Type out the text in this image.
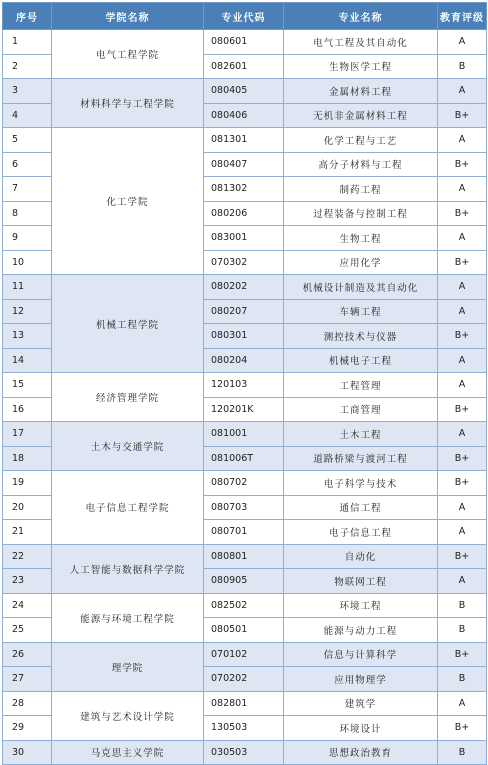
序号	学院名称	专业代码	专业名称	教育评级
1	电气工程学院	080601	电气工程及其自动化	A
2		082601	生物医学工程	B
3	材料科学与工程学院	080405	金属材料工程	A
4		080406	无机非金属材料工程	B+
5	化工学院	081301	化学工程与工艺	A
6		080407	高分子材料与工程	B+
7		081302	制药工程	A
8		080206	过程装备与控制工程	B+
9		083001	生物工程	A
10		070302	应用化学	B+
11	机械工程学院	080202	机械设计制造及其自动化	A
12		080207	车辆工程	A
13		080301	测控技术与仪器	B+
14		080204	机械电子工程	A
15	经济管理学院	120103	工程管理	A
16		120201K	工商管理	B+
17	土木与交通学院	081001	土木工程	A
18		081006T	道路桥梁与渡河工程	B+
19	电子信息工程学院	080702	电子科学与技术	B+
20		080703	通信工程	A
21		080701	电子信息工程	A
22	人工智能与数据科学学院	080801	自动化	B+
23		080905	物联网工程	A
24	能源与环境工程学院	082502	环境工程	B
25		080501	能源与动力工程	B
26	理学院	070102	信息与计算科学	B+
27		070202	应用物理学	B
28	建筑与艺术设计学院	082801	建筑学	A
29		130503	环境设计	B+
30	马克思主义学院	030503	思想政治教育	B
